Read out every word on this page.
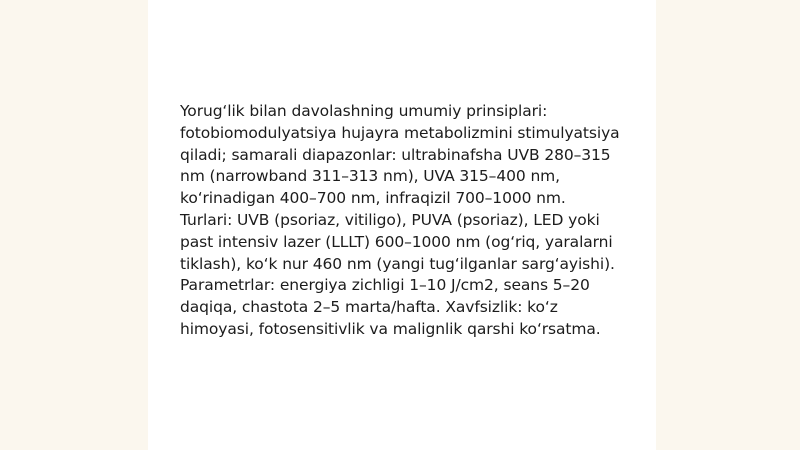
Yorug‘lik bilan davolashning umumiy prinsiplari: fotobiomodulyatsiya hujayra metabolizmini stimulyatsiya qiladi; samarali diapazonlar: ultrabinafsha UVB 280–315 nm (narrowband 311–313 nm), UVA 315–400 nm, ko‘rinadigan 400–700 nm, infraqizil 700–1000 nm. Turlari: UVB (psoriaz, vitiligo), PUVA (psoriaz), LED yoki past intensiv lazer (LLLT) 600–1000 nm (og‘riq, yaralarni tiklash), ko‘k nur 460 nm (yangi tug‘ilganlar sarg‘ayishi). Parametrlar: energiya zichligi 1–10 J/cm2, seans 5–20 daqiqa, chastota 2–5 marta/hafta. Xavfsizlik: ko‘z himoyasi, fotosensitivlik va malignlik qarshi ko‘rsatma.
